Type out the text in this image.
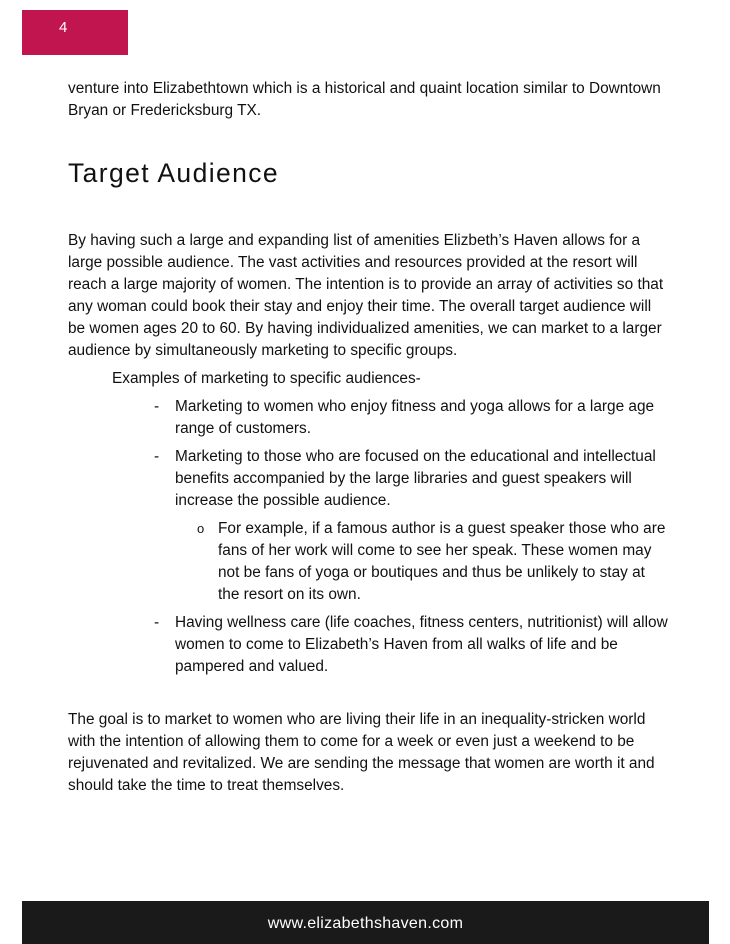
4

venture into Elizabethtown which is a historical and quaint location similar to Downtown Bryan or Fredericksburg TX.

Target Audience

By having such a large and expanding list of amenities Elizbeth’s Haven allows for a large possible audience. The vast activities and resources provided at the resort will reach a large majority of women. The intention is to provide an array of activities so that any woman could book their stay and enjoy their time. The overall target audience will be women ages 20 to 60. By having individualized amenities, we can market to a larger audience by simultaneously marketing to specific groups.

Examples of marketing to specific audiences-

- Marketing to women who enjoy fitness and yoga allows for a large age range of customers.
- Marketing to those who are focused on the educational and intellectual benefits accompanied by the large libraries and guest speakers will increase the possible audience.
o For example, if a famous author is a guest speaker those who are fans of her work will come to see her speak. These women may not be fans of yoga or boutiques and thus be unlikely to stay at the resort on its own.
- Having wellness care (life coaches, fitness centers, nutritionist) will allow women to come to Elizabeth’s Haven from all walks of life and be pampered and valued.

The goal is to market to women who are living their life in an inequality-stricken world with the intention of allowing them to come for a week or even just a weekend to be rejuvenated and revitalized. We are sending the message that women are worth it and should take the time to treat themselves.

www.elizabethshaven.com
